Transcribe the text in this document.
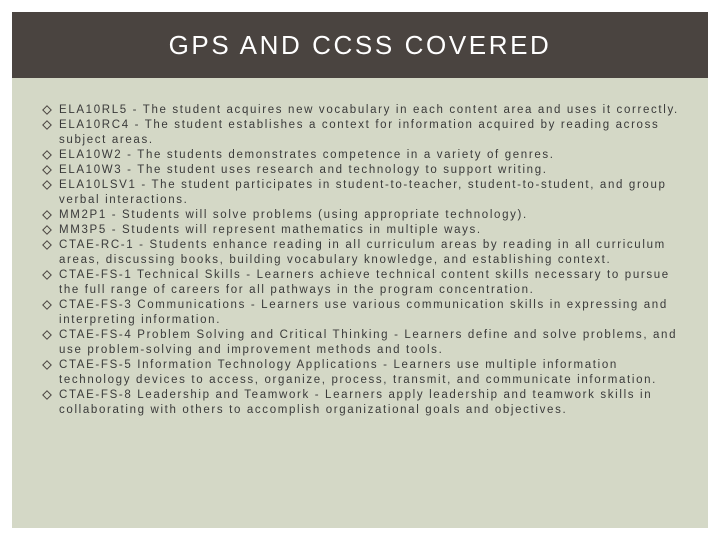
GPS AND CCSS COVERED
ELA10RL5 - The student acquires new vocabulary in each content area and uses it correctly.
ELA10RC4 - The student establishes a context for information acquired by reading across subject areas.
ELA10W2 - The students demonstrates competence in a variety of genres.
ELA10W3 - The student uses research and technology to support writing.
ELA10LSV1 - The student participates in student-to-teacher, student-to-student, and group verbal interactions.
MM2P1 - Students will solve problems (using appropriate technology).
MM3P5 - Students will represent mathematics in multiple ways.
CTAE-RC-1 - Students enhance reading in all curriculum areas by reading in all curriculum areas, discussing books, building vocabulary knowledge, and establishing context.
CTAE-FS-1 Technical Skills - Learners achieve technical content skills necessary to pursue the full range of careers for all pathways in the program concentration.
CTAE-FS-3 Communications - Learners use various communication skills in expressing and interpreting information.
CTAE-FS-4 Problem Solving and Critical Thinking - Learners define and solve problems, and use problem-solving and improvement methods and tools.
CTAE-FS-5 Information Technology Applications - Learners use multiple information technology devices to access, organize, process, transmit, and communicate information.
CTAE-FS-8 Leadership and Teamwork - Learners apply leadership and teamwork skills in collaborating with others to accomplish organizational goals and objectives.
